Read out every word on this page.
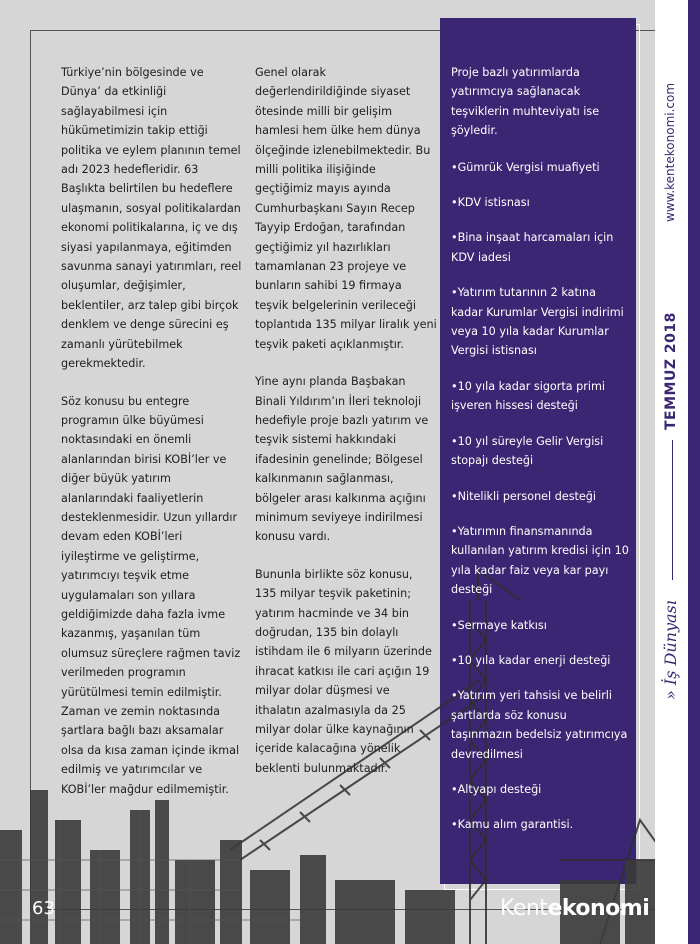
Türkiye’nin bölgesinde ve Dünya’ da etkinliği sağlayabilmesi için hükümetimizin takip ettiği politika ve eylem planının temel adı 2023 hedefleridir. 63 Başlıkta belirtilen bu hedeflere ulaşmanın, sosyal politikalardan ekonomi politikalarına, iç ve dış siyasi yapılanmaya, eğitimden savunma sanayi yatırımları, reel oluşumlar, değişimler, beklentiler, arz talep gibi birçok denklem ve denge sürecini eş zamanlı yürütebilmek gerekmektedir.

Söz konusu bu entegre programın ülke büyümesi noktasındaki en önemli alanlarından birisi KOBİ’ler ve diğer büyük yatırım alanlarındaki faaliyetlerin desteklenmesidir. Uzun yıllardır devam eden KOBİ’leri iyileştirme ve geliştirme, yatırımcıyı teşvik etme uygulamaları son yıllara geldiğimizde daha fazla ivme kazanmış, yaşanılan tüm olumsuz süreçlere rağmen taviz verilmeden programın yürütülmesi temin edilmiştir. Zaman ve zemin noktasında şartlara bağlı bazı aksamalar olsa da kısa zaman içinde ikmal edilmiş ve yatırımcılar ve KOBİ’ler mağdur edilmemiştir.

Genel olarak değerlendirildiğinde siyaset ötesinde milli bir gelişim hamlesi hem ülke hem dünya ölçeğinde izlenebilmektedir. Bu milli politika ilişiğinde geçtiğimiz mayıs ayında Cumhurbaşkanı Sayın Recep Tayyip Erdoğan, tarafından geçtiğimiz yıl hazırlıkları tamamlanan 23 projeye ve bunların sahibi 19 firmaya teşvik belgelerinin verileceği toplantıda 135 milyar liralık yeni teşvik paketi açıklanmıştır.

Yine aynı planda Başbakan Binali Yıldırım’ın İleri teknoloji hedefiyle proje bazlı yatırım ve teşvik sistemi hakkındaki ifadesinin genelinde; Bölgesel kalkınmanın sağlanması, bölgeler arası kalkınma açığını minimum seviyeye indirilmesi konusu vardı.

Bununla birlikte söz konusu, 135 milyar teşvik paketinin; yatırım hacminde ve 34 bin doğrudan, 135 bin dolaylı istihdam ile 6 milyarın üzerinde ihracat katkısı ile cari açığın 19 milyar dolar düşmesi ve ithalatın azalmasıyla da 25 milyar dolar ülke kaynağının içeride kalacağına yönelik beklenti bulunmaktadır.

Proje bazlı yatırımlarda yatırımcıya sağlanacak teşviklerin muhteviyatı ise şöyledir.

•Gümrük Vergisi muafiyeti

•KDV istisnası

•Bina inşaat harcamaları için KDV iadesi

•Yatırım tutarının 2 katına kadar Kurumlar Vergisi indirimi veya 10 yıla kadar Kurumlar Vergisi istisnası

•10 yıla kadar sigorta primi işveren hissesi desteği

•10 yıl süreyle Gelir Vergisi stopajı desteği

•Nitelikli personel desteği

•Yatırımın finansmanında kullanılan yatırım kredisi için 10 yıla kadar faiz veya kar payı desteği

•Sermaye katkısı

•10 yıla kadar enerji desteği

•Yatırım yeri tahsisi ve belirli şartlarda söz konusu taşınmazın bedelsiz yatırımcıya devredilmesi

•Altyapı desteği

•Kamu alım garantisi.

www.kentekonomi.com
TEMMUZ 2018
» İş Dünyası
63	Kentekonomi
